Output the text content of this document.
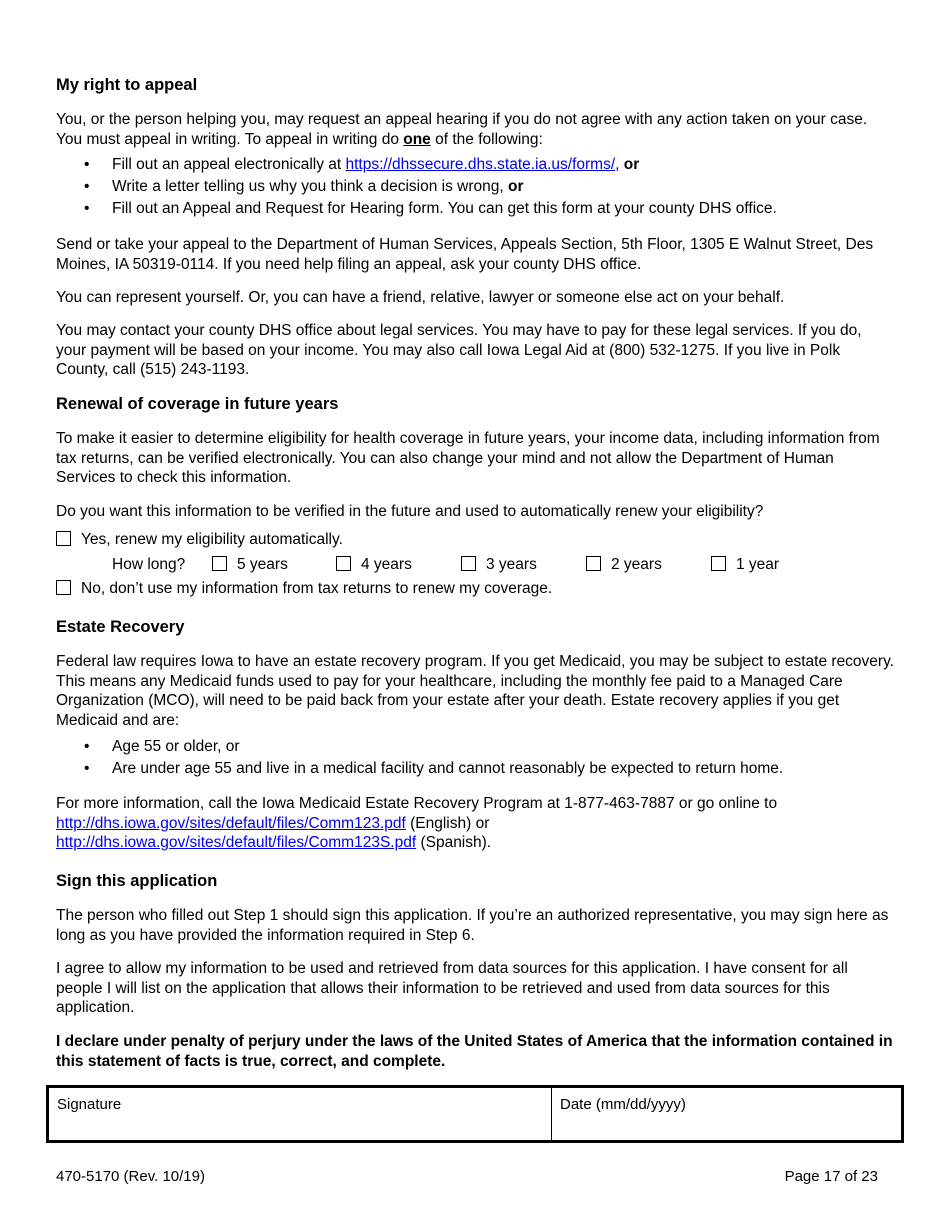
My right to appeal

You, or the person helping you, may request an appeal hearing if you do not agree with any action taken on your case. You must appeal in writing. To appeal in writing do one of the following:

• Fill out an appeal electronically at https://dhssecure.dhs.state.ia.us/forms/, or
• Write a letter telling us why you think a decision is wrong, or
• Fill out an Appeal and Request for Hearing form. You can get this form at your county DHS office.

Send or take your appeal to the Department of Human Services, Appeals Section, 5th Floor, 1305 E Walnut Street, Des Moines, IA 50319-0114. If you need help filing an appeal, ask your county DHS office.

You can represent yourself. Or, you can have a friend, relative, lawyer or someone else act on your behalf.

You may contact your county DHS office about legal services. You may have to pay for these legal services. If you do, your payment will be based on your income. You may also call Iowa Legal Aid at (800) 532-1275. If you live in Polk County, call (515) 243-1193.

Renewal of coverage in future years

To make it easier to determine eligibility for health coverage in future years, your income data, including information from tax returns, can be verified electronically. You can also change your mind and not allow the Department of Human Services to check this information.

Do you want this information to be verified in the future and used to automatically renew your eligibility?

Yes, renew my eligibility automatically.
How long?	5 years	4 years	3 years	2 years	1 year
No, don’t use my information from tax returns to renew my coverage.
Estate Recovery

Federal law requires Iowa to have an estate recovery program. If you get Medicaid, you may be subject to estate recovery. This means any Medicaid funds used to pay for your healthcare, including the monthly fee paid to a Managed Care Organization (MCO), will need to be paid back from your estate after your death. Estate recovery applies if you get Medicaid and are:

• Age 55 or older, or
• Are under age 55 and live in a medical facility and cannot reasonably be expected to return home.

For more information, call the Iowa Medicaid Estate Recovery Program at 1-877-463-7887 or go online to
http://dhs.iowa.gov/sites/default/files/Comm123.pdf (English) or
http://dhs.iowa.gov/sites/default/files/Comm123S.pdf (Spanish).

Sign this application

The person who filled out Step 1 should sign this application. If you’re an authorized representative, you may sign here as long as you have provided the information required in Step 6.

I agree to allow my information to be used and retrieved from data sources for this application. I have consent for all people I will list on the application that allows their information to be retrieved and used from data sources for this application.

I declare under penalty of perjury under the laws of the United States of America that the information contained in this statement of facts is true, correct, and complete.

Signature	Date (mm/dd/yyyy)
470-5170 (Rev. 10/19)	Page 17 of 23
